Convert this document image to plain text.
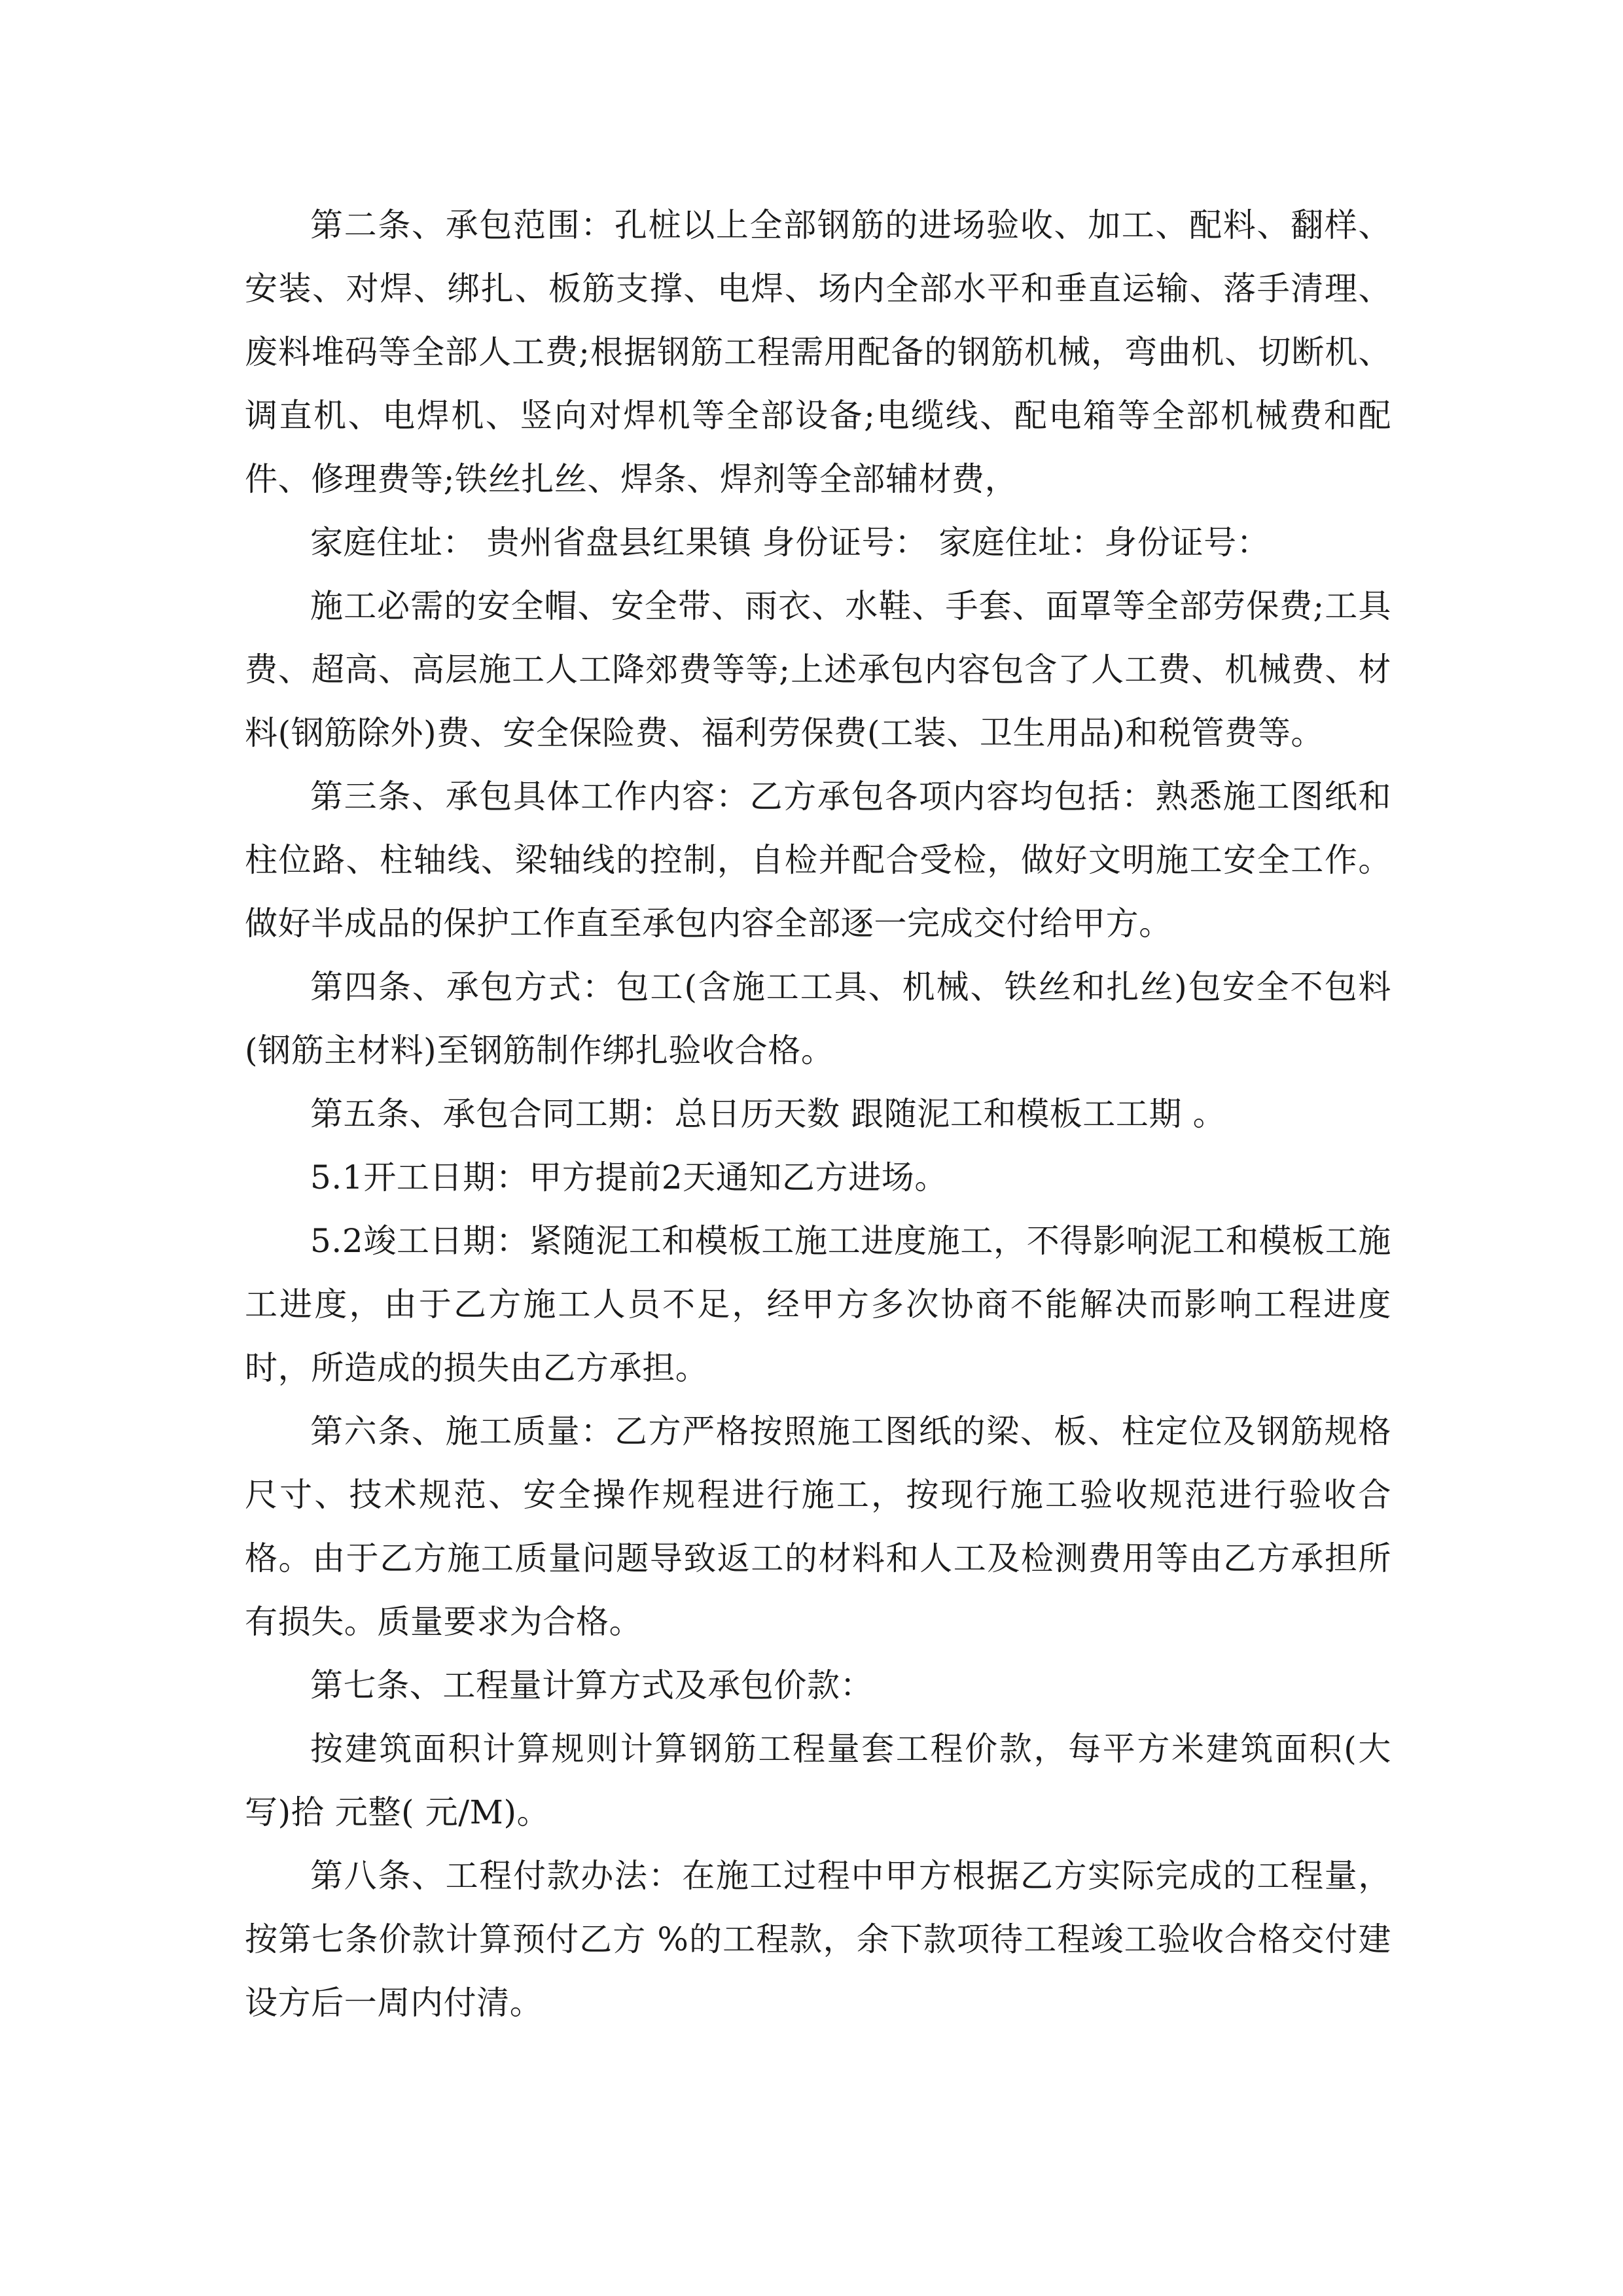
第二条、承包范围：孔桩以上全部钢筋的进场验收、加工、配料、翻样、安装、对焊、绑扎、板筋支撑、电焊、场内全部水平和垂直运输、落手清理、废料堆码等全部人工费;根据钢筋工程需用配备的钢筋机械，弯曲机、切断机、调直机、电焊机、竖向对焊机等全部设备;电缆线、配电箱等全部机械费和配件、修理费等;铁丝扎丝、焊条、焊剂等全部辅材费，

家庭住址： 贵州省盘县红果镇 身份证号： 家庭住址：身份证号：

施工必需的安全帽、安全带、雨衣、水鞋、手套、面罩等全部劳保费;工具费、超高、高层施工人工降郊费等等;上述承包内容包含了人工费、机械费、材料(钢筋除外)费、安全保险费、福利劳保费(工装、卫生用品)和税管费等。

第三条、承包具体工作内容：乙方承包各项内容均包括：熟悉施工图纸和柱位路、柱轴线、梁轴线的控制，自检并配合受检，做好文明施工安全工作。做好半成品的保护工作直至承包内容全部逐一完成交付给甲方。

第四条、承包方式：包工(含施工工具、机械、铁丝和扎丝)包安全不包料(钢筋主材料)至钢筋制作绑扎验收合格。

第五条、承包合同工期：总日历天数 跟随泥工和模板工工期 。

5.1开工日期：甲方提前2天通知乙方进场。

5.2竣工日期：紧随泥工和模板工施工进度施工，不得影响泥工和模板工施工进度，由于乙方施工人员不足，经甲方多次协商不能解决而影响工程进度时，所造成的损失由乙方承担。

第六条、施工质量：乙方严格按照施工图纸的梁、板、柱定位及钢筋规格尺寸、技术规范、安全操作规程进行施工，按现行施工验收规范进行验收合格。由于乙方施工质量问题导致返工的材料和人工及检测费用等由乙方承担所有损失。质量要求为合格。

第七条、工程量计算方式及承包价款：

按建筑面积计算规则计算钢筋工程量套工程价款，每平方米建筑面积(大写)拾 元整( 元/M)。

第八条、工程付款办法：在施工过程中甲方根据乙方实际完成的工程量，按第七条价款计算预付乙方 %的工程款，余下款项待工程竣工验收合格交付建设方后一周内付清。
